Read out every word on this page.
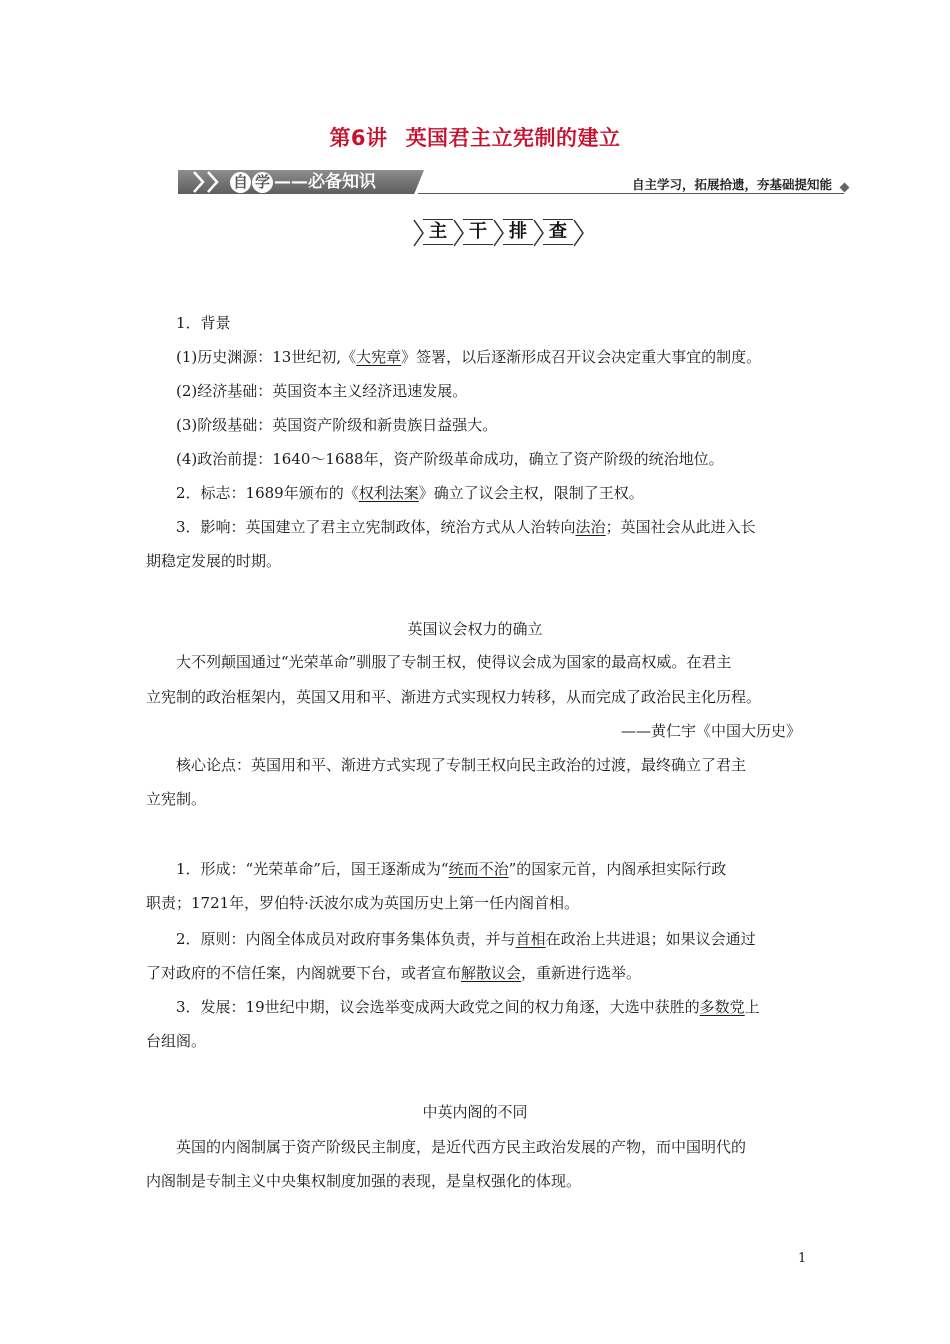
第6讲 英国君主立宪制的建立
自 学 ——必备知识	自主学习，拓展拾遗，夯基础提知能
主	干	排	查
1．背景
(1)历史渊源：13世纪初,《大宪章》签署，以后逐渐形成召开议会决定重大事宜的制度。
(2)经济基础：英国资本主义经济迅速发展。
(3)阶级基础：英国资产阶级和新贵族日益强大。
(4)政治前提：1640～1688年，资产阶级革命成功，确立了资产阶级的统治地位。
2．标志：1689年颁布的《权利法案》确立了议会主权，限制了王权。
3．影响：英国建立了君主立宪制政体，统治方式从人治转向法治；英国社会从此进入长
期稳定发展的时期。
英国议会权力的确立
大不列颠国通过“光荣革命”驯服了专制王权，使得议会成为国家的最高权威。在君主
立宪制的政治框架内，英国又用和平、渐进方式实现权力转移，从而完成了政治民主化历程。
——黄仁宇《中国大历史》
核心论点：英国用和平、渐进方式实现了专制王权向民主政治的过渡，最终确立了君主
立宪制。
1．形成：“光荣革命”后，国王逐渐成为“统而不治”的国家元首，内阁承担实际行政
职责；1721年，罗伯特·沃波尔成为英国历史上第一任内阁首相。
2．原则：内阁全体成员对政府事务集体负责，并与首相在政治上共进退；如果议会通过
了对政府的不信任案，内阁就要下台，或者宣布解散议会，重新进行选举。
3．发展：19世纪中期，议会选举变成两大政党之间的权力角逐，大选中获胜的多数党上
台组阁。
中英内阁的不同
英国的内阁制属于资产阶级民主制度，是近代西方民主政治发展的产物，而中国明代的
内阁制是专制主义中央集权制度加强的表现，是皇权强化的体现。
1
